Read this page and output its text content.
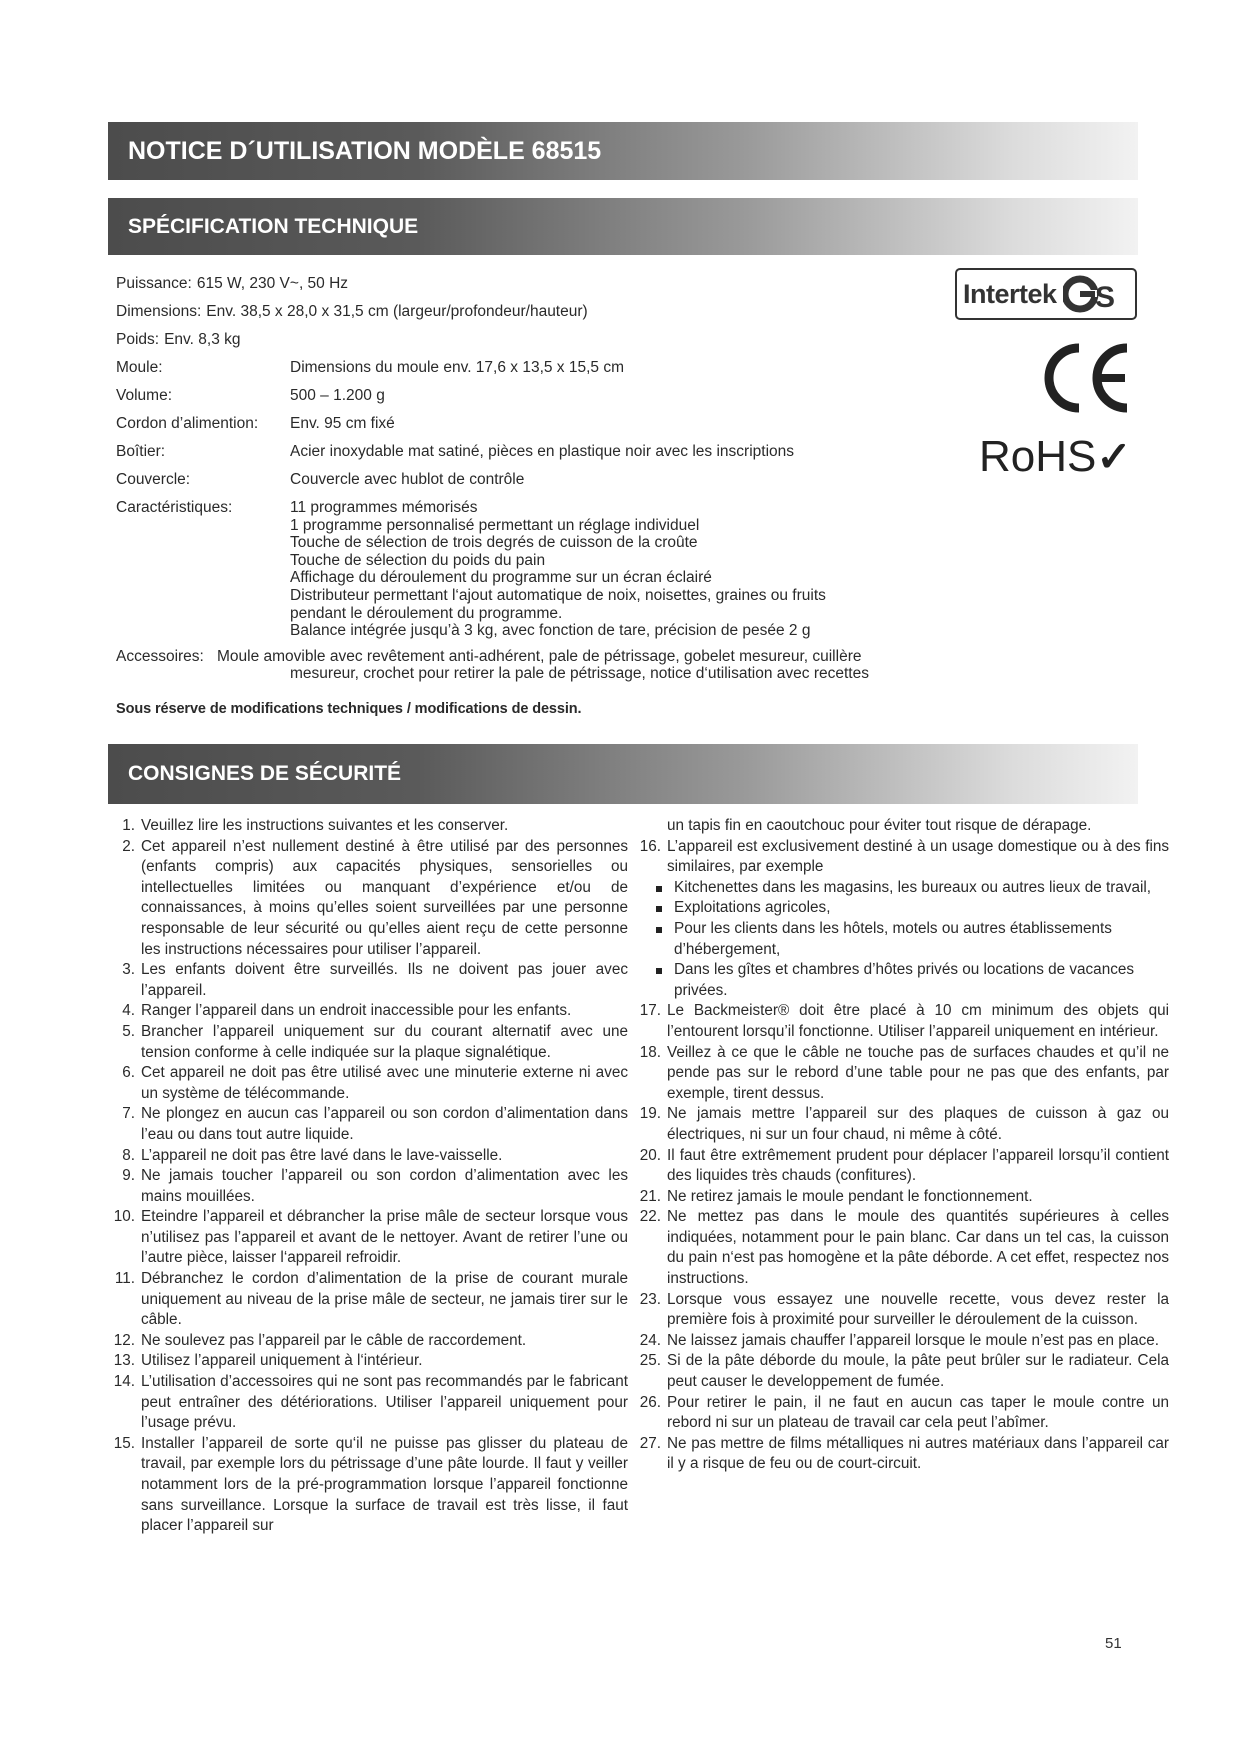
NOTICE D´UTILISATION MODÈLE 68515
SPÉCIFICATION TECHNIQUE
Puissance: 615 W, 230 V~, 50 Hz
Dimensions: Env. 38,5 x 28,0 x 31,5 cm (largeur/profondeur/hauteur)
Poids: Env. 8,3 kg
Moule:	Dimensions du moule env. 17,6 x 13,5 x 15,5 cm
Volume:	500 – 1.200 g
Cordon d’alimention:	Env. 95 cm fixé
Boîtier:	Acier inoxydable mat satiné, pièces en plastique noir avec les inscriptions
Couvercle:	Couvercle avec hublot de contrôle
Caractéristiques:	11 programmes mémorisés
1 programme personnalisé permettant un réglage individuel
Touche de sélection de trois degrés de cuisson de la croûte
Touche de sélection du poids du pain
Affichage du déroulement du programme sur un écran éclairé
Distributeur permettant l‘ajout automatique de noix, noisettes, graines ou fruits
pendant le déroulement du programme.
Balance intégrée jusqu’à 3 kg, avec fonction de tare, précision de pesée 2 g
Accessoires: Moule amovible avec revêtement anti-adhérent, pale de pétrissage, gobelet mesureur, cuillère mesureur, crochet pour retirer la pale de pétrissage, notice d‘utilisation avec recettes
Sous réserve de modifications techniques / modifications de dessin.
Intertek S
RoHS✓
CONSIGNES DE SÉCURITÉ
1. Veuillez lire les instructions suivantes et les conserver.
2. Cet appareil n’est nullement destiné à être utilisé par des personnes (enfants compris) aux capacités physiques, sensorielles ou intellectuelles limitées ou manquant d’expérience et/ou de connaissances, à moins qu’elles soient surveillées par une personne responsable de leur sécurité ou qu’elles aient reçu de cette personne les instructions nécessaires pour utiliser l’appareil.
3. Les enfants doivent être surveillés. Ils ne doivent pas jouer avec l’appareil.
4. Ranger l’appareil dans un endroit inaccessible pour les enfants.
5. Brancher l’appareil uniquement sur du courant alternatif avec une tension conforme à celle indiquée sur la plaque signalétique.
6. Cet appareil ne doit pas être utilisé avec une minuterie externe ni avec un système de télécommande.
7. Ne plongez en aucun cas l’appareil ou son cordon d’alimentation dans l’eau ou dans tout autre liquide.
8. L’appareil ne doit pas être lavé dans le lave-vaisselle.
9. Ne jamais toucher l’appareil ou son cordon d’alimentation avec les mains mouillées.
10. Eteindre l’appareil et débrancher la prise mâle de secteur lorsque vous n’utilisez pas l’appareil et avant de le nettoyer. Avant de retirer l’une ou l’autre pièce, laisser l‘appareil refroidir.
11. Débranchez le cordon d’alimentation de la prise de courant murale uniquement au niveau de la prise mâle de secteur, ne jamais tirer sur le câble.
12. Ne soulevez pas l’appareil par le câble de raccordement.
13. Utilisez l’appareil uniquement à l‘intérieur.
14. L’utilisation d’accessoires qui ne sont pas recommandés par le fabricant peut entraîner des détériorations. Utiliser l’appareil uniquement pour l’usage prévu.
15. Installer l’appareil de sorte qu‘il ne puisse pas glisser du plateau de travail, par exemple lors du pétrissage d’une pâte lourde. Il faut y veiller notamment lors de la pré-programmation lorsque l’appareil fonctionne sans surveillance. Lorsque la surface de travail est très lisse, il faut placer l’appareil sur
un tapis fin en caoutchouc pour éviter tout risque de dérapage.
16. L’appareil est exclusivement destiné à un usage domestique ou à des fins similaires, par exemple
Kitchenettes dans les magasins, les bureaux ou autres lieux de travail,
Exploitations agricoles,
Pour les clients dans les hôtels, motels ou autres établissements d’hébergement,
Dans les gîtes et chambres d’hôtes privés ou locations de vacances privées.
17. Le Backmeister® doit être placé à 10 cm minimum des objets qui l’entourent lorsqu’il fonctionne. Utiliser l’appareil uniquement en intérieur.
18. Veillez à ce que le câble ne touche pas de surfaces chaudes et qu’il ne pende pas sur le rebord d’une table pour ne pas que des enfants, par exemple, tirent dessus.
19. Ne jamais mettre l’appareil sur des plaques de cuisson à gaz ou électriques, ni sur un four chaud, ni même à côté.
20. Il faut être extrêmement prudent pour déplacer l’appareil lorsqu’il contient des liquides très chauds (confitures).
21. Ne retirez jamais le moule pendant le fonctionnement.
22. Ne mettez pas dans le moule des quantités supérieures à celles indiquées, notamment pour le pain blanc. Car dans un tel cas, la cuisson du pain n‘est pas homogène et la pâte déborde. A cet effet, respectez nos instructions.
23. Lorsque vous essayez une nouvelle recette, vous devez rester la première fois à proximité pour surveiller le déroulement de la cuisson.
24. Ne laissez jamais chauffer l’appareil lorsque le moule n’est pas en place.
25. Si de la pâte déborde du moule, la pâte peut brûler sur le radiateur. Cela peut causer le developpement de fumée.
26. Pour retirer le pain, il ne faut en aucun cas taper le moule contre un rebord ni sur un plateau de travail car cela peut l’abîmer.
27. Ne pas mettre de films métalliques ni autres matériaux dans l’appareil car il y a risque de feu ou de court-circuit.
51
